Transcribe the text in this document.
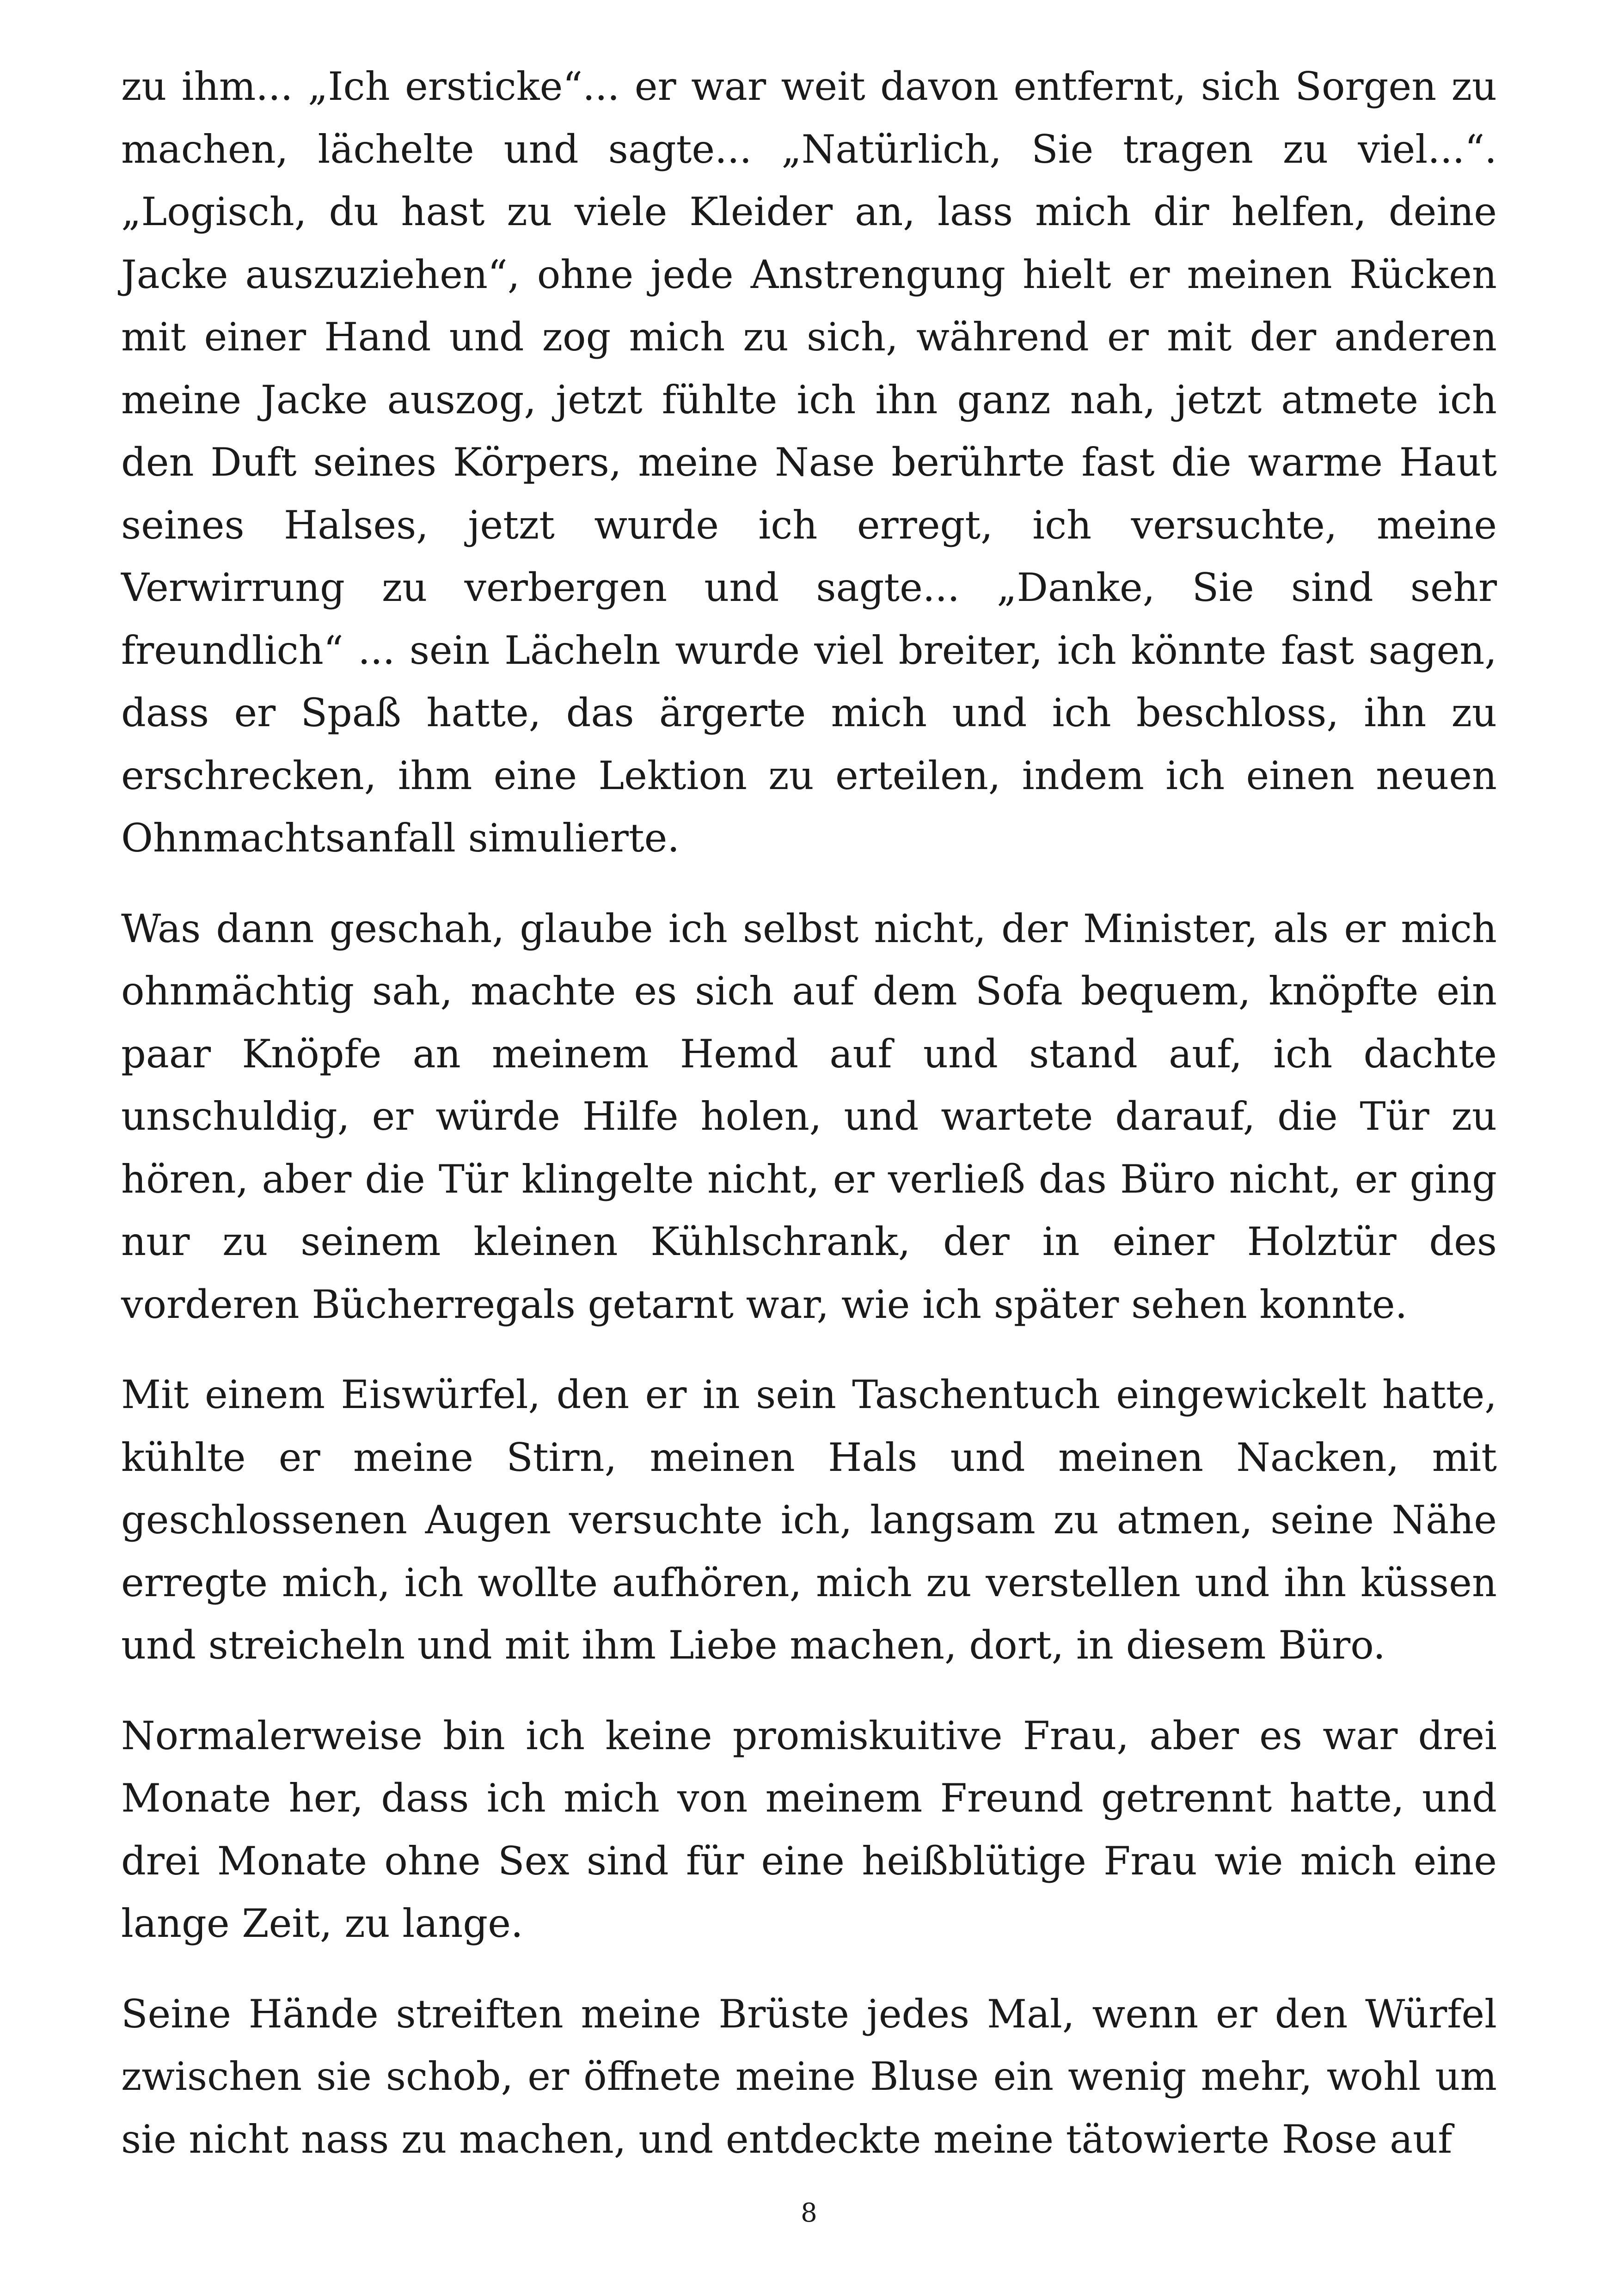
zu ihm... „Ich ersticke“... er war weit davon entfernt, sich Sorgen zu machen, lächelte und sagte... „Natürlich, Sie tragen zu viel...“. „Logisch, du hast zu viele Kleider an, lass mich dir helfen, deine Jacke auszuziehen“, ohne jede Anstrengung hielt er meinen Rücken mit einer Hand und zog mich zu sich, während er mit der anderen meine Jacke auszog, jetzt fühlte ich ihn ganz nah, jetzt atmete ich den Duft seines Körpers, meine Nase berührte fast die warme Haut seines Halses, jetzt wurde ich erregt, ich versuchte, meine Verwirrung zu verbergen und sagte... „Danke, Sie sind sehr freundlich“ ... sein Lächeln wurde viel breiter, ich könnte fast sagen, dass er Spaß hatte, das ärgerte mich und ich beschloss, ihn zu erschrecken, ihm eine Lektion zu erteilen, indem ich einen neuen Ohnmachtsanfall simulierte.

Was dann geschah, glaube ich selbst nicht, der Minister, als er mich ohnmächtig sah, machte es sich auf dem Sofa bequem, knöpfte ein paar Knöpfe an meinem Hemd auf und stand auf, ich dachte unschuldig, er würde Hilfe holen, und wartete darauf, die Tür zu hören, aber die Tür klingelte nicht, er verließ das Büro nicht, er ging nur zu seinem kleinen Kühlschrank, der in einer Holztür des vorderen Bücherregals getarnt war, wie ich später sehen konnte.

Mit einem Eiswürfel, den er in sein Taschentuch eingewickelt hatte, kühlte er meine Stirn, meinen Hals und meinen Nacken, mit geschlossenen Augen versuchte ich, langsam zu atmen, seine Nähe erregte mich, ich wollte aufhören, mich zu verstellen und ihn küssen und streicheln und mit ihm Liebe machen, dort, in diesem Büro.

Normalerweise bin ich keine promiskuitive Frau, aber es war drei Monate her, dass ich mich von meinem Freund getrennt hatte, und drei Monate ohne Sex sind für eine heißblütige Frau wie mich eine lange Zeit, zu lange.

Seine Hände streiften meine Brüste jedes Mal, wenn er den Würfel zwischen sie schob, er öffnete meine Bluse ein wenig mehr, wohl um sie nicht nass zu machen, und entdeckte meine tätowierte Rose auf

8
